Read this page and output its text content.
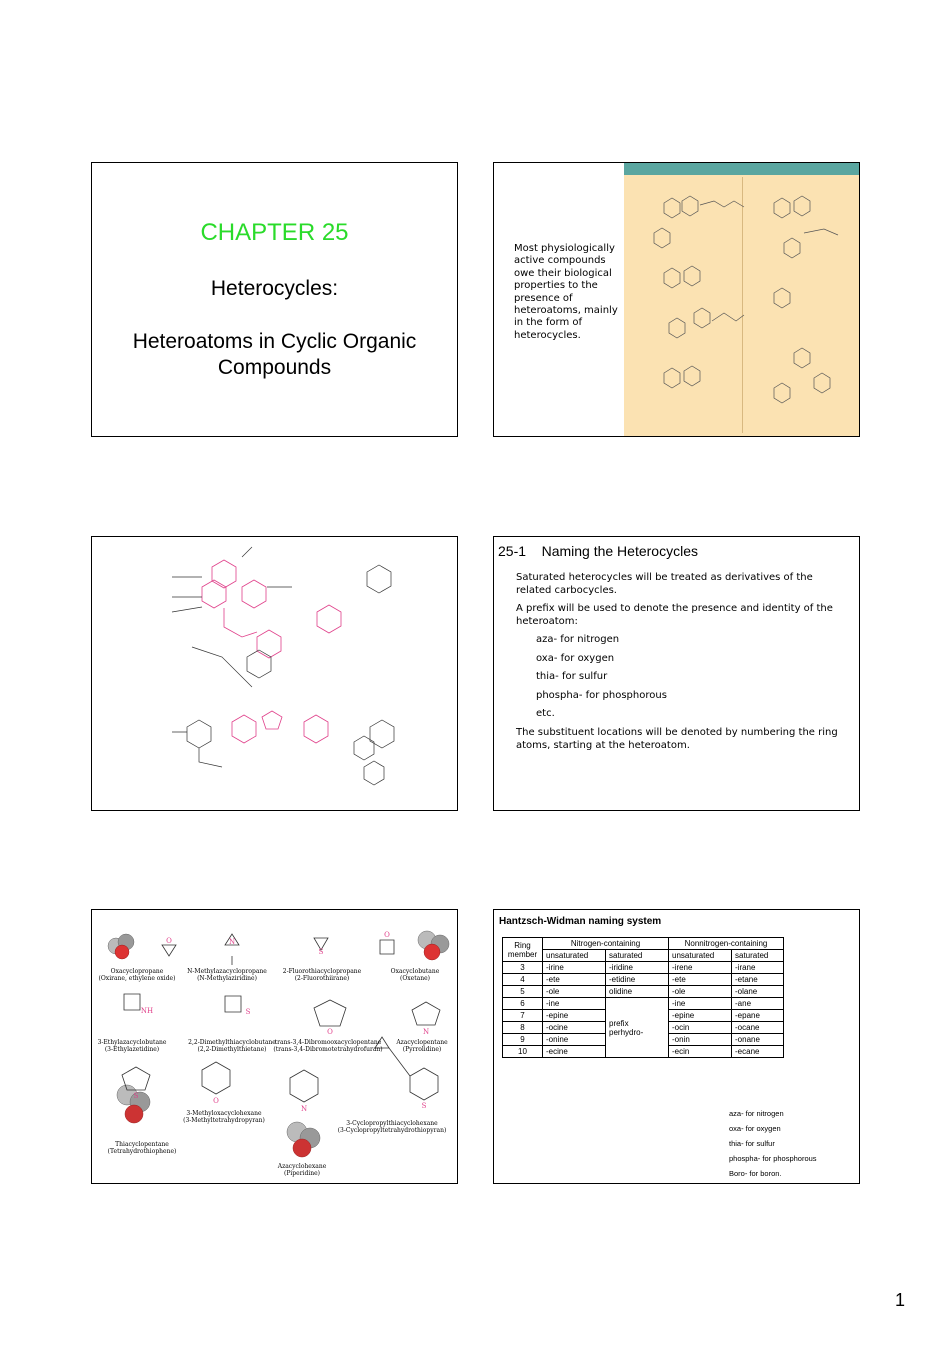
CHAPTER 25
Heterocycles:
Heteroatoms in Cyclic Organic Compounds
Most physiologically active compounds owe their biological properties to the presence of heteroatoms, mainly in the form of heterocycles.
25-1    Naming the Heterocycles

Saturated heterocycles will be treated as derivatives of the related carbocycles.

A prefix will be used to denote the presence and identity of the heteroatom:

aza- for nitrogen
oxa- for oxygen
thia- for sulfur
phospha- for phosphorous
etc.

The substituent locations will be denoted by numbering the ring atoms, starting at the heteroatom.

O	N
S
O
NH	S
O	N
S
O
N	S
Oxacyclopropane
(Oxirane, ethylene oxide)
N-Methylazacyclopropane
(N-Methylaziridine)
2-Fluorothiacyclopropane
(2-Fluorothiirane)
Oxacyclobutane
(Oxetane)
3-Ethylazacyclobutane
(3-Ethylazetidine)
2,2-Dimethylthiacyclobutane
(2,2-Dimethylthietane)
trans-3,4-Dibromooxacyclopentane
(trans-3,4-Dibromotetrahydrofuran)
Azacyclopentane
(Pyrrolidine)
3-Methyloxacyclohexane
(3-Methyltetrahydropyran)	3-Cyclopropylthiacyclohexane
(3-Cyclopropyltetrahydrothiopyran)
Thiacyclopentane
(Tetrahydrothiophene)
Azacyclohexane
(Piperidine)
Hantzsch-Widman naming system
Ring member	Nitrogen-containing		Nonnitrogen-containing	
	unsaturated	saturated	unsaturated	saturated
3	-irine	-iridine	-irene	-irane
4	-ete	-etidine	-ete	-etane
5	-ole	olidine	-ole	-olane
6	-ine	prefix perhydro-	-ine	-ane
7	-epine		-epine	-epane
8	-ocine		-ocin	-ocane
9	-onine		-onin	-onane
10	-ecine		-ecin	-ecane
aza- for nitrogen
oxa- for oxygen
thia- for sulfur
phospha- for phosphorous
Boro- for boron.
1
